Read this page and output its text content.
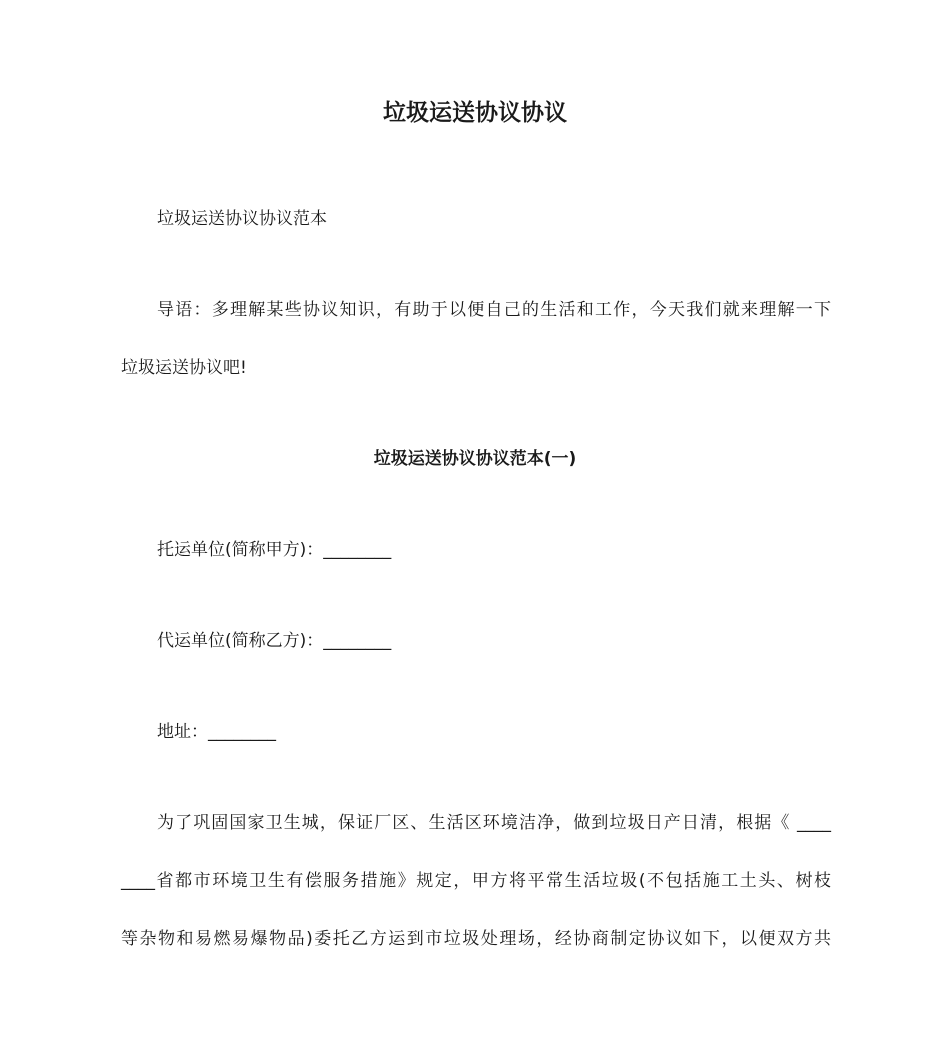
垃圾运送协议协议

垃圾运送协议协议范本

导语：多理解某些协议知识，有助于以便自己的生活和工作，今天我们就来理解一下

垃圾运送协议吧!

垃圾运送协议协议范本(一)

托运单位(简称甲方)：________

代运单位(简称乙方)：________

地址：________

为了巩固国家卫生城，保证厂区、生活区环境洁净，做到垃圾日产日清，根据《 ____

____省都市环境卫生有偿服务措施》规定，甲方将平常生活垃圾(不包括施工土头、树枝

等杂物和易燃易爆物品)委托乙方运到市垃圾处理场，经协商制定协议如下，以便双方共
